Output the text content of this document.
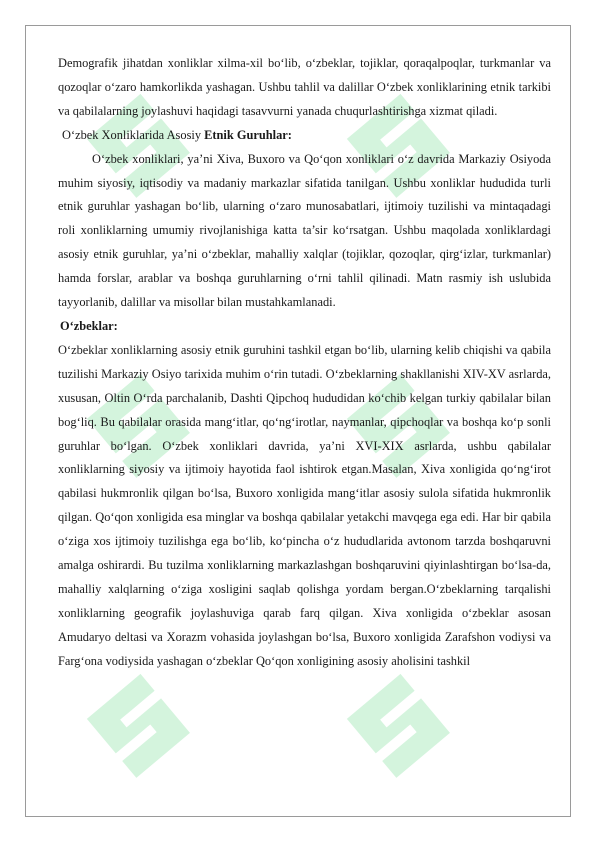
Demografik jihatdan xonliklar xilma-xil bo‘lib, o‘zbeklar, tojiklar, qoraqalpoqlar, turkmanlar va qozoqlar o‘zaro hamkorlikda yashagan. Ushbu tahlil va dalillar O‘zbek xonliklarining etnik tarkibi va qabilalarning joylashuvi haqidagi tasavvurni yanada chuqurlashtirishga xizmat qiladi.

O‘zbek Xonliklarida Asosiy Etnik Guruhlar:

O‘zbek xonliklari, ya’ni Xiva, Buxoro va Qo‘qon xonliklari o‘z davrida Markaziy Osiyoda muhim siyosiy, iqtisodiy va madaniy markazlar sifatida tanilgan. Ushbu xonliklar hududida turli etnik guruhlar yashagan bo‘lib, ularning o‘zaro munosabatlari, ijtimoiy tuzilishi va mintaqadagi roli xonliklarning umumiy rivojlanishiga katta ta’sir ko‘rsatgan. Ushbu maqolada xonliklardagi asosiy etnik guruhlar, ya’ni o‘zbeklar, mahalliy xalqlar (tojiklar, qozoqlar, qirg‘izlar, turkmanlar) hamda forslar, arablar va boshqa guruhlarning o‘rni tahlil qilinadi. Matn rasmiy ish uslubida tayyorlanib, dalillar va misollar bilan mustahkamlanadi.

O‘zbeklar:

O‘zbeklar xonliklarning asosiy etnik guruhini tashkil etgan bo‘lib, ularning kelib chiqishi va qabila tuzilishi Markaziy Osiyo tarixida muhim o‘rin tutadi. O‘zbeklarning shakllanishi XIV-XV asrlarda, xususan, Oltin O‘rda parchalanib, Dashti Qipchoq hududidan ko‘chib kelgan turkiy qabilalar bilan bog‘liq. Bu qabilalar orasida mang‘itlar, qo‘ng‘irotlar, naymanlar, qipchoqlar va boshqa ko‘p sonli guruhlar bo‘lgan. O‘zbek xonliklari davrida, ya’ni XVI-XIX asrlarda, ushbu qabilalar xonliklarning siyosiy va ijtimoiy hayotida faol ishtirok etgan.Masalan, Xiva xonligida qo‘ng‘irot qabilasi hukmronlik qilgan bo‘lsa, Buxoro xonligida mang‘itlar asosiy sulola sifatida hukmronlik qilgan. Qo‘qon xonligida esa minglar va boshqa qabilalar yetakchi mavqega ega edi. Har bir qabila o‘ziga xos ijtimoiy tuzilishga ega bo‘lib, ko‘pincha o‘z hududlarida avtonom tarzda boshqaruvni amalga oshirardi. Bu tuzilma xonliklarning markazlashgan boshqaruvini qiyinlashtirgan bo‘lsa-da, mahalliy xalqlarning o‘ziga xosligini saqlab qolishga yordam bergan.O‘zbeklarning tarqalishi xonliklarning geografik joylashuviga qarab farq qilgan. Xiva xonligida o‘zbeklar asosan Amudaryo deltasi va Xorazm vohasida joylashgan bo‘lsa, Buxoro xonligida Zarafshon vodiysi va Farg‘ona vodiysida yashagan o‘zbeklar Qo‘qon xonligining asosiy aholisini tashkil
